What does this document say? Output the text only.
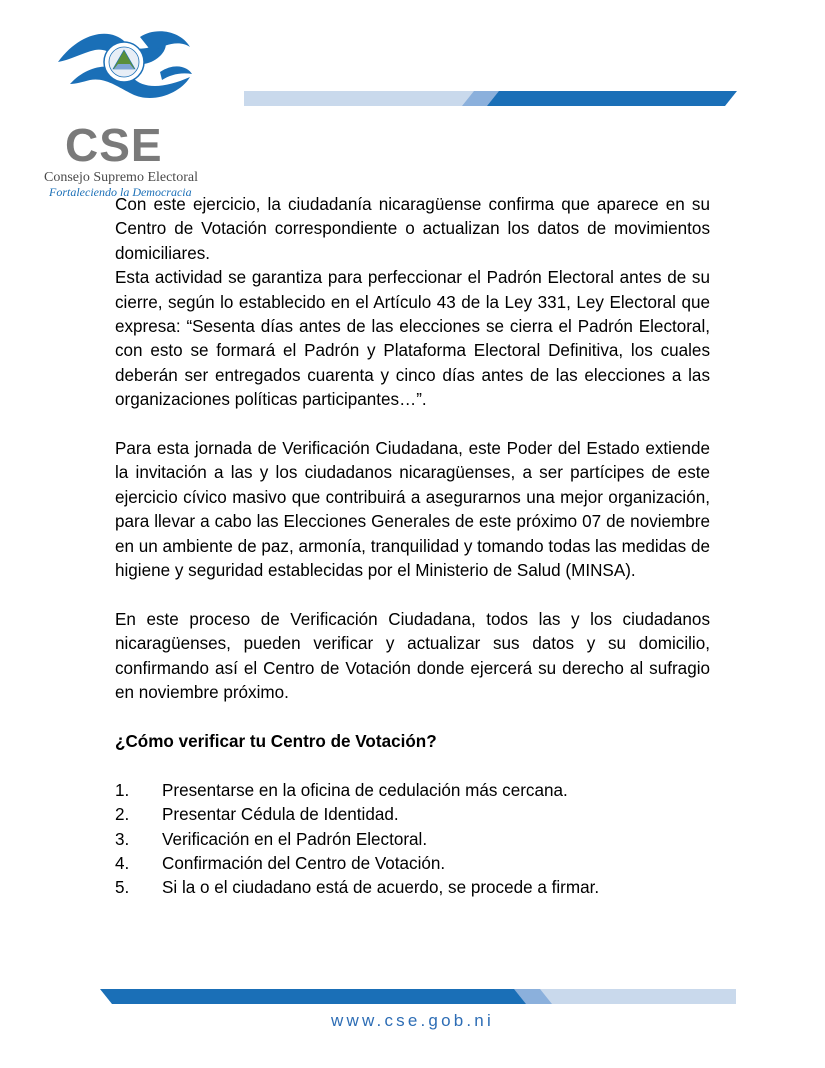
CSE
Consejo Supremo Electoral
Fortaleciendo la Democracia

Con este ejercicio, la ciudadanía nicaragüense confirma que aparece en su Centro de Votación correspondiente o actualizan los datos de movimientos domiciliares.

Esta actividad se garantiza para perfeccionar el Padrón Electoral antes de su cierre, según lo establecido en el Artículo 43 de la Ley 331, Ley Electoral que expresa: “Sesenta días antes de las elecciones se cierra el Padrón Electoral, con esto se formará el Padrón y Plataforma Electoral Definitiva, los cuales deberán ser entregados cuarenta y cinco días antes de las elecciones a las organizaciones políticas participantes…”.

Para esta jornada de Verificación Ciudadana, este Poder del Estado extiende la invitación a las y los ciudadanos nicaragüenses, a ser partícipes de este ejercicio cívico masivo que contribuirá a asegurarnos una mejor organización, para llevar a cabo las Elecciones Generales de este próximo 07 de noviembre en un ambiente de paz, armonía, tranquilidad y tomando todas las medidas de higiene y seguridad establecidas por el Ministerio de Salud (MINSA).

En este proceso de Verificación Ciudadana, todos las y los ciudadanos nicaragüenses, pueden verificar y actualizar sus datos y su domicilio, confirmando así el Centro de Votación donde ejercerá su derecho al sufragio en noviembre próximo.

¿Cómo verificar tu Centro de Votación?

1.	Presentarse en la oficina de cedulación más cercana.
2.	Presentar Cédula de Identidad.
3.	Verificación en el Padrón Electoral.
4.	Confirmación del Centro de Votación.
5.	Si la o el ciudadano está de acuerdo, se procede a firmar.
www.cse.gob.ni
